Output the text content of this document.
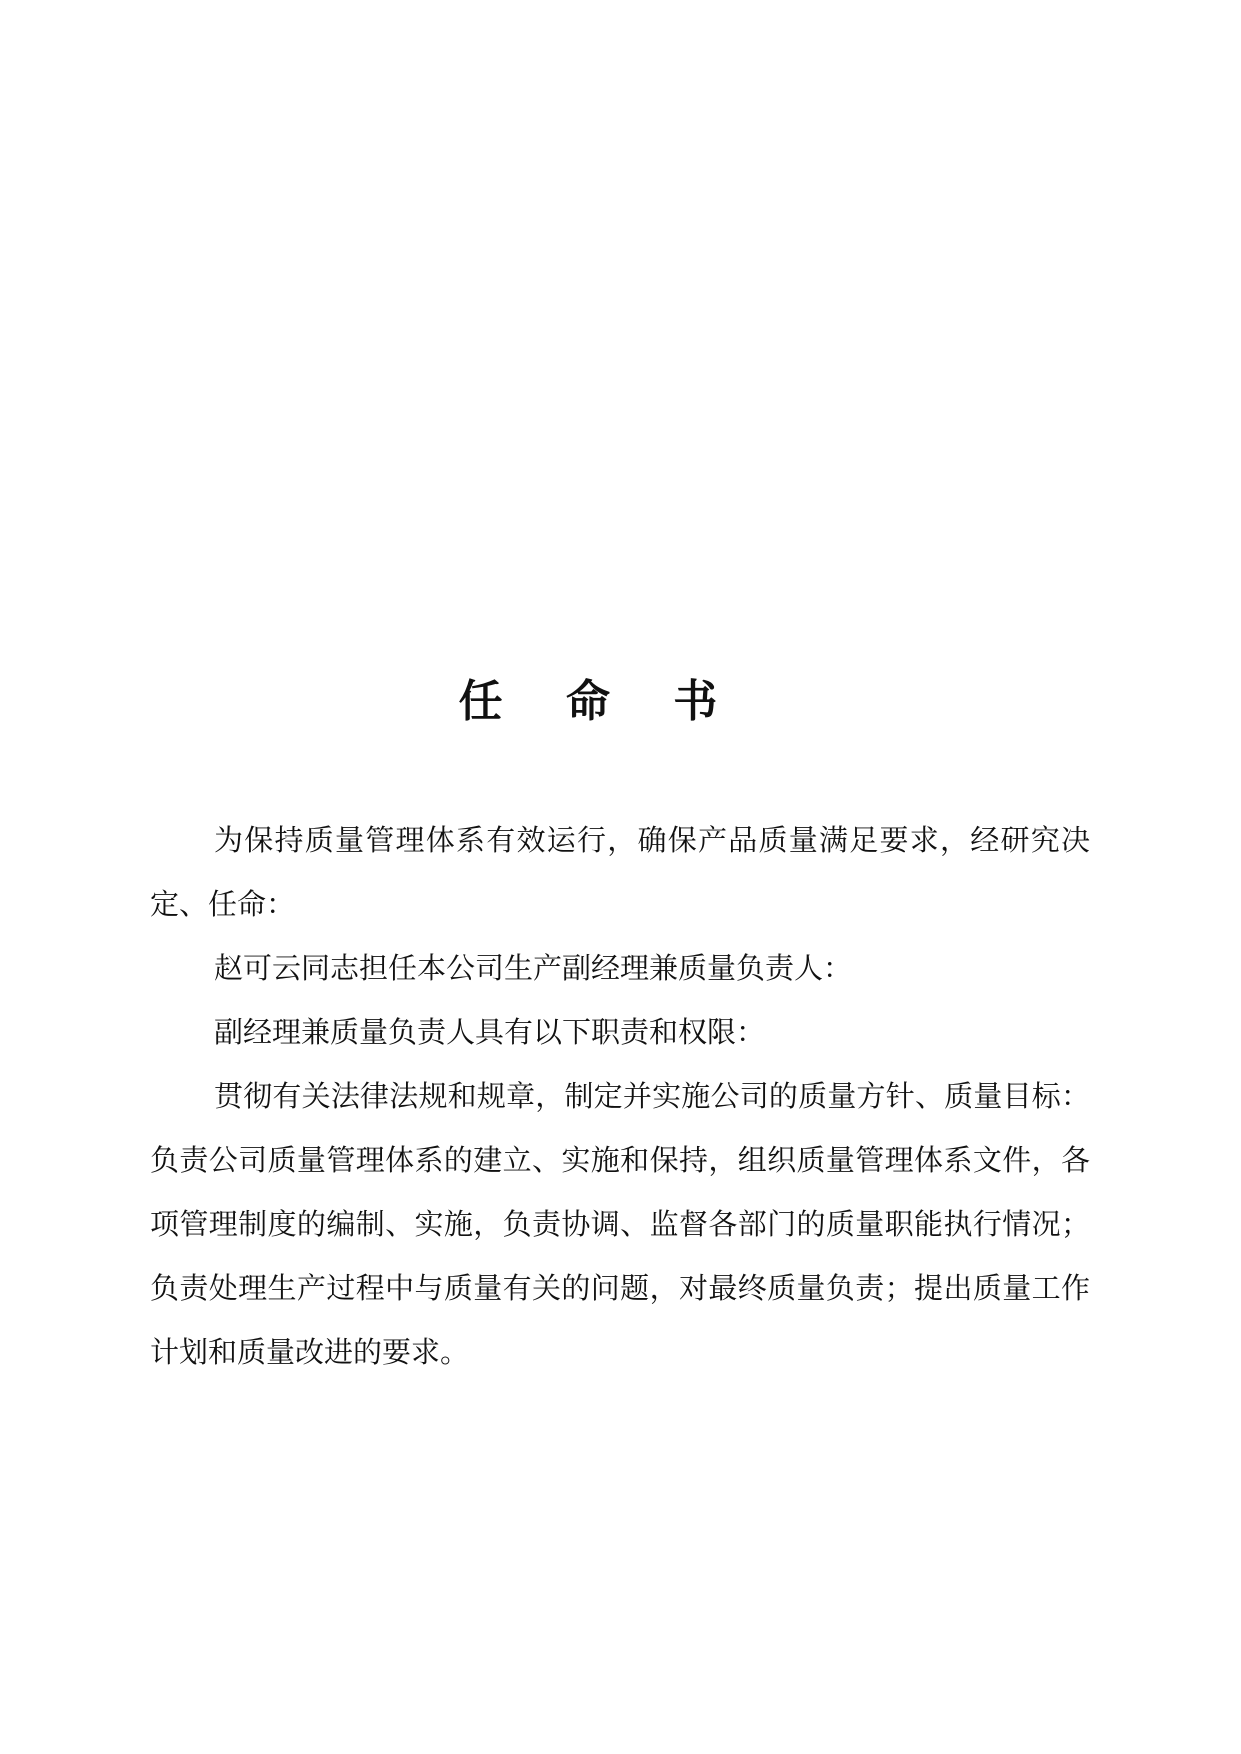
任 命 书

为保持质量管理体系有效运行，确保产品质量满足要求，经研究决定、任命：

赵可云同志担任本公司生产副经理兼质量负责人：

副经理兼质量负责人具有以下职责和权限：

贯彻有关法律法规和规章，制定并实施公司的质量方针、质量目标：负责公司质量管理体系的建立、实施和保持，组织质量管理体系文件，各项管理制度的编制、实施，负责协调、监督各部门的质量职能执行情况；负责处理生产过程中与质量有关的问题，对最终质量负责；提出质量工作计划和质量改进的要求。
